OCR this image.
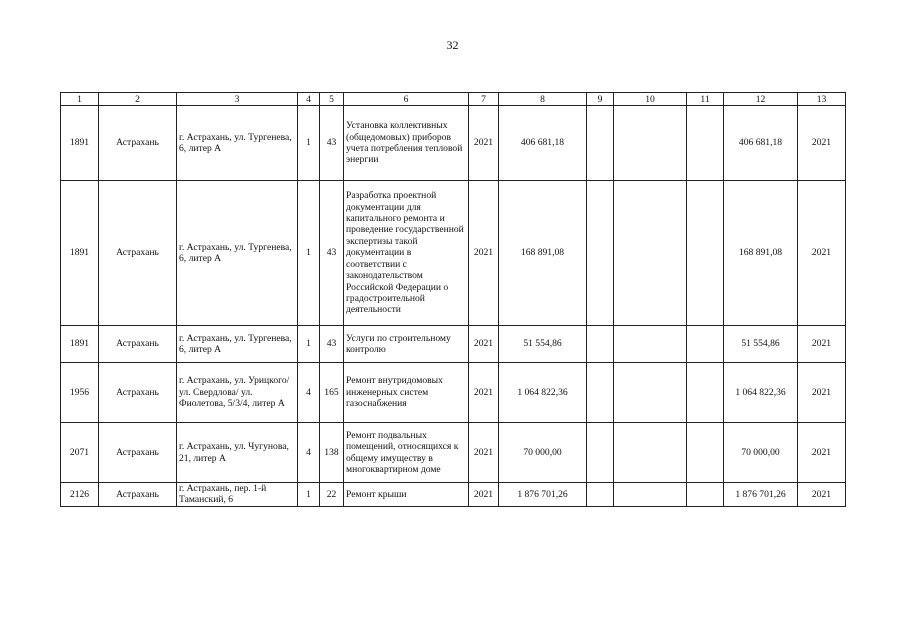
32
1	2	3	4	5	6	7	8	9	10	11	12	13
1891	Астрахань	г. Астрахань, ул. Тургенева, 6, литер А	1	43	Установка коллективных (общедомовых) приборов учета потребления тепловой энергии	2021	406 681,18				406 681,18	2021
1891	Астрахань	г. Астрахань, ул. Тургенева, 6, литер А	1	43	Разработка проектной документации для капитального ремонта и проведение государственной экспертизы такой документации в соответствии с законодательством Российской Федерации о градостроительной деятельности	2021	168 891,08				168 891,08	2021
1891	Астрахань	г. Астрахань, ул. Тургенева, 6, литер А	1	43	Услуги по строительному контролю	2021	51 554,86				51 554,86	2021
1956	Астрахань	г. Астрахань, ул. Урицкого/ ул. Свердлова/ ул. Фиолетова, 5/3/4, литер А	4	165	Ремонт внутридомовых инженерных систем газоснабжения	2021	1 064 822,36				1 064 822,36	2021
2071	Астрахань	г. Астрахань, ул. Чугунова, 21, литер А	4	138	Ремонт подвальных помещений, относящихся к общему имуществу в многоквартирном доме	2021	70 000,00				70 000,00	2021
2126	Астрахань	г. Астрахань, пер. 1-й Таманский, 6	1	22	Ремонт крыши	2021	1 876 701,26				1 876 701,26	2021
